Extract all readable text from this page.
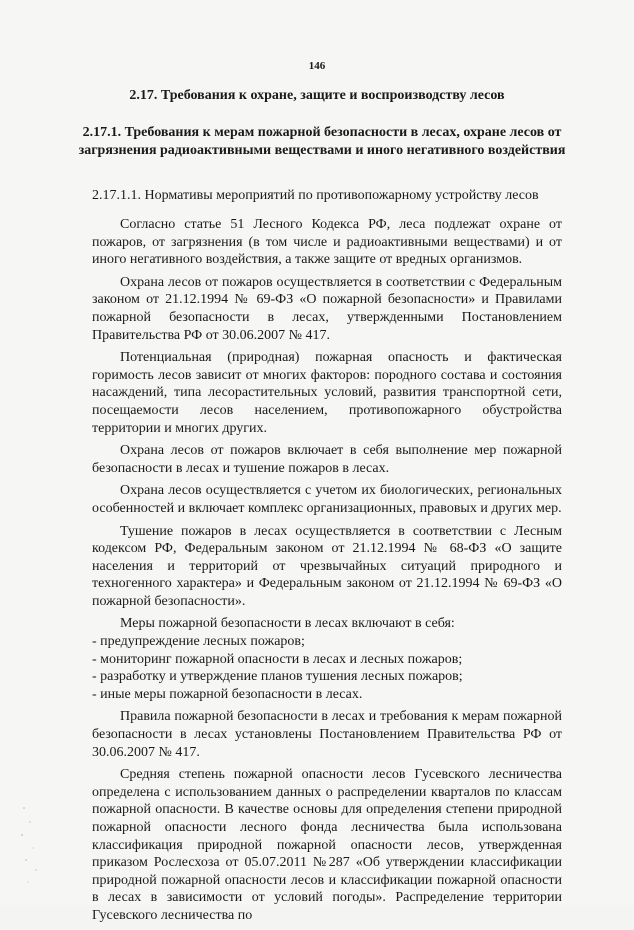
146
2.17. Требования к охране, защите и воспроизводству лесов
2.17.1. Требования к мерам пожарной безопасности в лесах, охране лесов от загрязнения радиоактивными веществами и иного негативного воздействия
2.17.1.1. Нормативы мероприятий по противопожарному устройству лесов

Согласно статье 51 Лесного Кодекса РФ, леса подлежат охране от пожаров, от загрязнения (в том числе и радиоактивными веществами) и от иного негативного воздействия, а также защите от вредных организмов.

Охрана лесов от пожаров осуществляется в соответствии с Федеральным законом от 21.12.1994 № 69-ФЗ «О пожарной безопасности» и Правилами пожарной безопасности в лесах, утвержденными Постановлением Правительства РФ от 30.06.2007 № 417.

Потенциальная (природная) пожарная опасность и фактическая горимость лесов зависит от многих факторов: породного состава и состояния насаждений, типа лесорастительных условий, развития транспортной сети, посещаемости лесов населением, противопожарного обустройства территории и многих других.

Охрана лесов от пожаров включает в себя выполнение мер пожарной безопасности в лесах и тушение пожаров в лесах.

Охрана лесов осуществляется с учетом их биологических, региональных особенностей и включает комплекс организационных, правовых и других мер.

Тушение пожаров в лесах осуществляется в соответствии с Лесным кодексом РФ, Федеральным законом от 21.12.1994 № 68-ФЗ «О защите населения и территорий от чрезвычайных ситуаций природного и техногенного характера» и Федеральным законом от 21.12.1994 № 69-ФЗ «О пожарной безопасности».

Меры пожарной безопасности в лесах включают в себя:

- предупреждение лесных пожаров;
- мониторинг пожарной опасности в лесах и лесных пожаров;
- разработку и утверждение планов тушения лесных пожаров;
- иные меры пожарной безопасности в лесах.

Правила пожарной безопасности в лесах и требования к мерам пожарной безопасности в лесах установлены Постановлением Правительства РФ от 30.06.2007 № 417.

Средняя степень пожарной опасности лесов Гусевского лесничества определена с использованием данных о распределении кварталов по классам пожарной опасности. В качестве основы для определения степени природной пожарной опасности лесного фонда лесничества была использована классификация природной пожарной опасности лесов, утвержденная приказом Рослесхоза от 05.07.2011 №287 «Об утверждении классификации природной пожарной опасности лесов и классификации пожарной опасности в лесах в зависимости от условий погоды». Распределение территории Гусевского лесничества по
